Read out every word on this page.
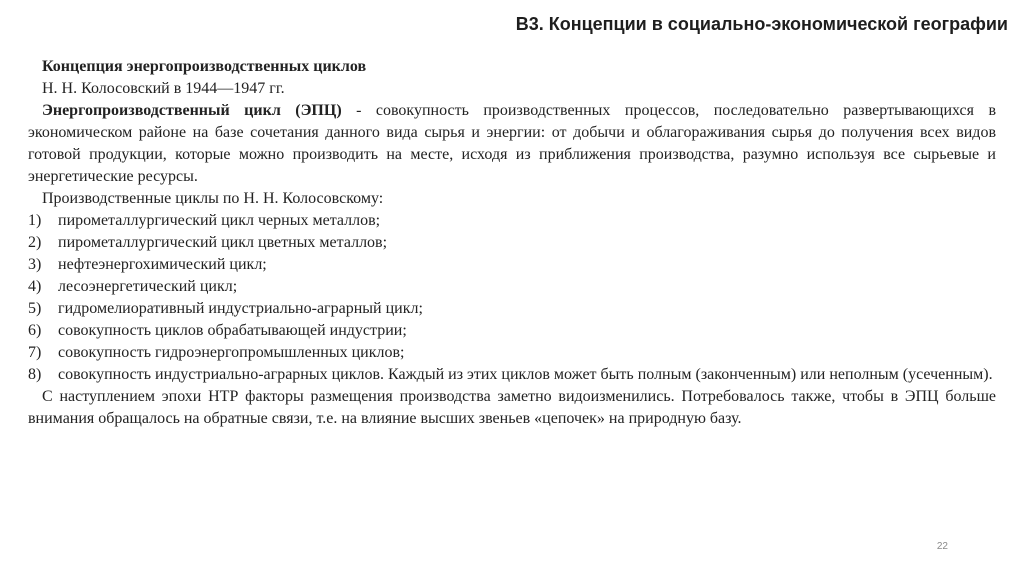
В3. Концепции в социально-экономической географии

Концепция энергопроизводственных циклов

Н. Н. Колосовский в 1944—1947 гг.

Энергопроизводственный цикл (ЭПЦ) - совокупность производственных процессов, последовательно развертывающихся в экономическом районе на базе сочетания данного вида сырья и энергии: от добычи и облагораживания сырья до получения всех видов готовой продукции, которые можно производить на месте, исходя из приближения производства, разумно используя все сырьевые и энергетические ресурсы.

Производственные циклы по Н. Н. Колосовскому:

1)	пирометаллургический цикл черных металлов;
2)	пирометаллургический цикл цветных металлов;
3)	нефтеэнергохимический цикл;
4)	лесоэнергетический цикл;
5)	гидромелиоративный индустриально-аграрный цикл;
6)	совокупность циклов обрабатывающей индустрии;
7)	совокупность гидроэнергопромышленных циклов;
8)	совокупность индустриально-аграрных циклов. Каждый из этих циклов может быть полным (законченным) или неполным (усеченным).

С наступлением эпохи НТР факторы размещения производства заметно видоизменились. Потребовалось также, чтобы в ЭПЦ больше внимания обращалось на обратные связи, т.е. на влияние высших звеньев «цепочек» на природную базу.

22
